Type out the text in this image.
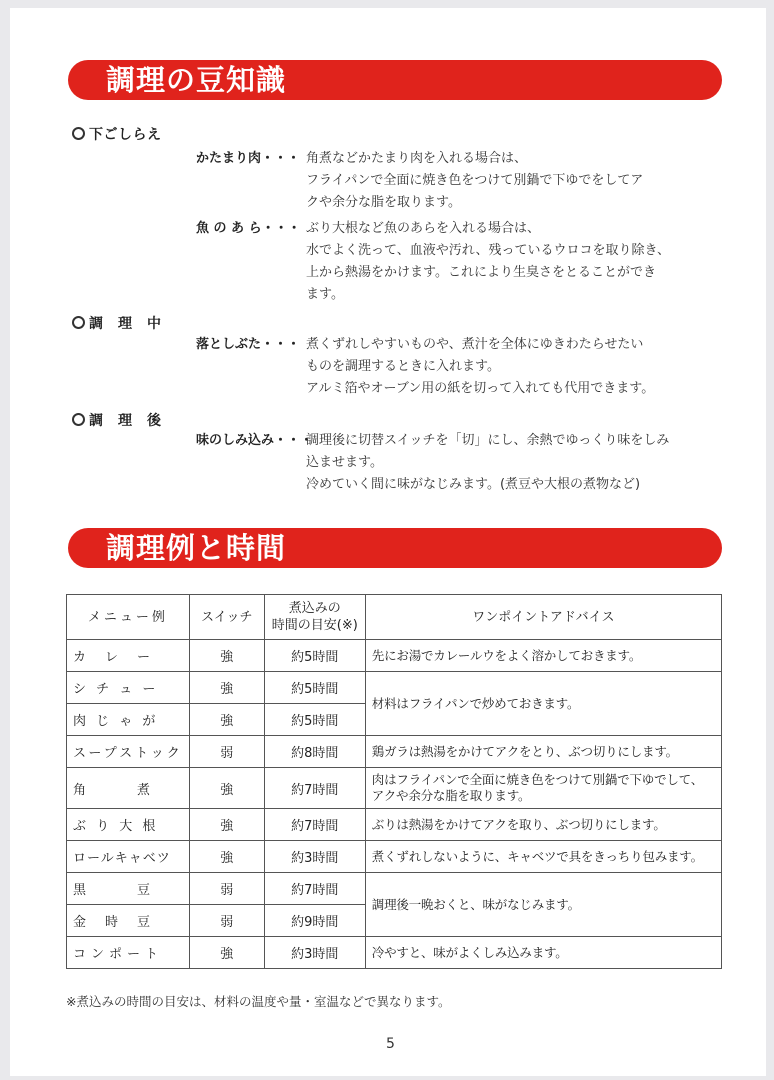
調理の豆知識
下ごしらえ
かたまり肉・・・ 角煮などかたまり肉を入れる場合は、
フライパンで全面に焼き色をつけて別鍋で下ゆでをしてア
クや余分な脂を取ります。
魚 の あ ら・・・ ぶり大根など魚のあらを入れる場合は、
水でよく洗って、血液や汚れ、残っているウロコを取り除き、
上から熱湯をかけます。これにより生臭さをとることができ
ます。
調　理　中
落としぶた・・・ 煮くずれしやすいものや、煮汁を全体にゆきわたらせたい
ものを調理するときに入れます。
アルミ箔やオーブン用の紙を切って入れても代用できます。
調　理　後
味のしみ込み・・・
調理後に切替スイッチを「切」にし、余熱でゆっくり味をしみ
込ませます。
冷めていく間に味がなじみます。(煮豆や大根の煮物など)
調理例と時間
メニュー例	スイッチ	煮込みの
時間の目安(※)	ワンポイントアドバイス
カ　レ　ー	強	約5時間	先にお湯でカレールウをよく溶かしておきます。
シ チ ュ ー	強	約5時間	材料はフライパンで炒めておきます。
肉 じ ゃ が	強	約5時間	
スープストック	弱	約8時間	鶏ガラは熱湯をかけてアクをとり、ぶつ切りにします。
角　　　煮	強	約7時間	肉はフライパンで全面に焼き色をつけて別鍋で下ゆでして、アクや余分な脂を取ります。
ぶ り 大 根	強	約7時間	ぶりは熱湯をかけてアクを取り、ぶつ切りにします。
ロールキャベツ	強	約3時間	煮くずれしないように、キャベツで具をきっちり包みます。
黒　　　豆	弱	約7時間	調理後一晩おくと、味がなじみます。
金　時　豆	弱	約9時間	
コンポート	強	約3時間	冷やすと、味がよくしみ込みます。
※煮込みの時間の目安は、材料の温度や量・室温などで異なります。
5
